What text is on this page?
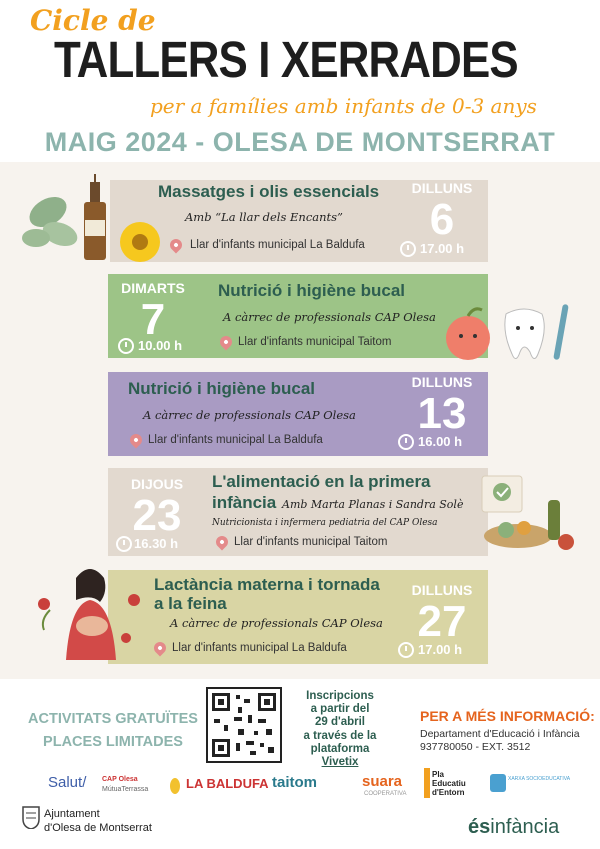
Cicle de
TALLERS I XERRADES
per a famílies amb infants de 0-3 anys
MAIG 2024 - OLESA DE MONTSERRAT
Massatges i olis essencials
Amb “La llar dels Encants”
Llar d'infants municipal La Baldufa
DILLUNS
6
17.00 h
DIMARTS
7
10.00 h
Nutrició i higiène bucal
A càrrec de professionals CAP Olesa
Llar d'infants municipal Taitom
Nutrició i higiène bucal
A càrrec de professionals CAP Olesa
Llar d'infants municipal La Baldufa
DILLUNS
13
16.00 h
DIJOUS
23
16.30 h
L'alimentació en la primera
infància Amb Marta Planas i Sandra Solè
Nutricionista i infermera pediatria del CAP Olesa
Llar d'infants municipal Taitom
Lactància materna i tornada
a la feina
A càrrec de professionals CAP Olesa
Llar d'infants municipal La Baldufa
DILLUNS
27
17.00 h
ACTIVITATS GRATUÏTES
PLACES LIMITADES
Inscripcions
a partir del
29 d'abril
a través de la
plataforma
Vivetix
PER A MÉS INFORMACIÓ:
Departament d'Educació i Infància
937780050 - EXT. 3512
Salut/ CAP Olesa
MútuaTerrassa	LA BALDUFA taitom	suara
COOPERATIVA
Pla
Educatiu
d'Entorn
XARXA SOCIOEDUCATIVA
Ajuntament
d'Olesa de Montserrat	ésinfància
